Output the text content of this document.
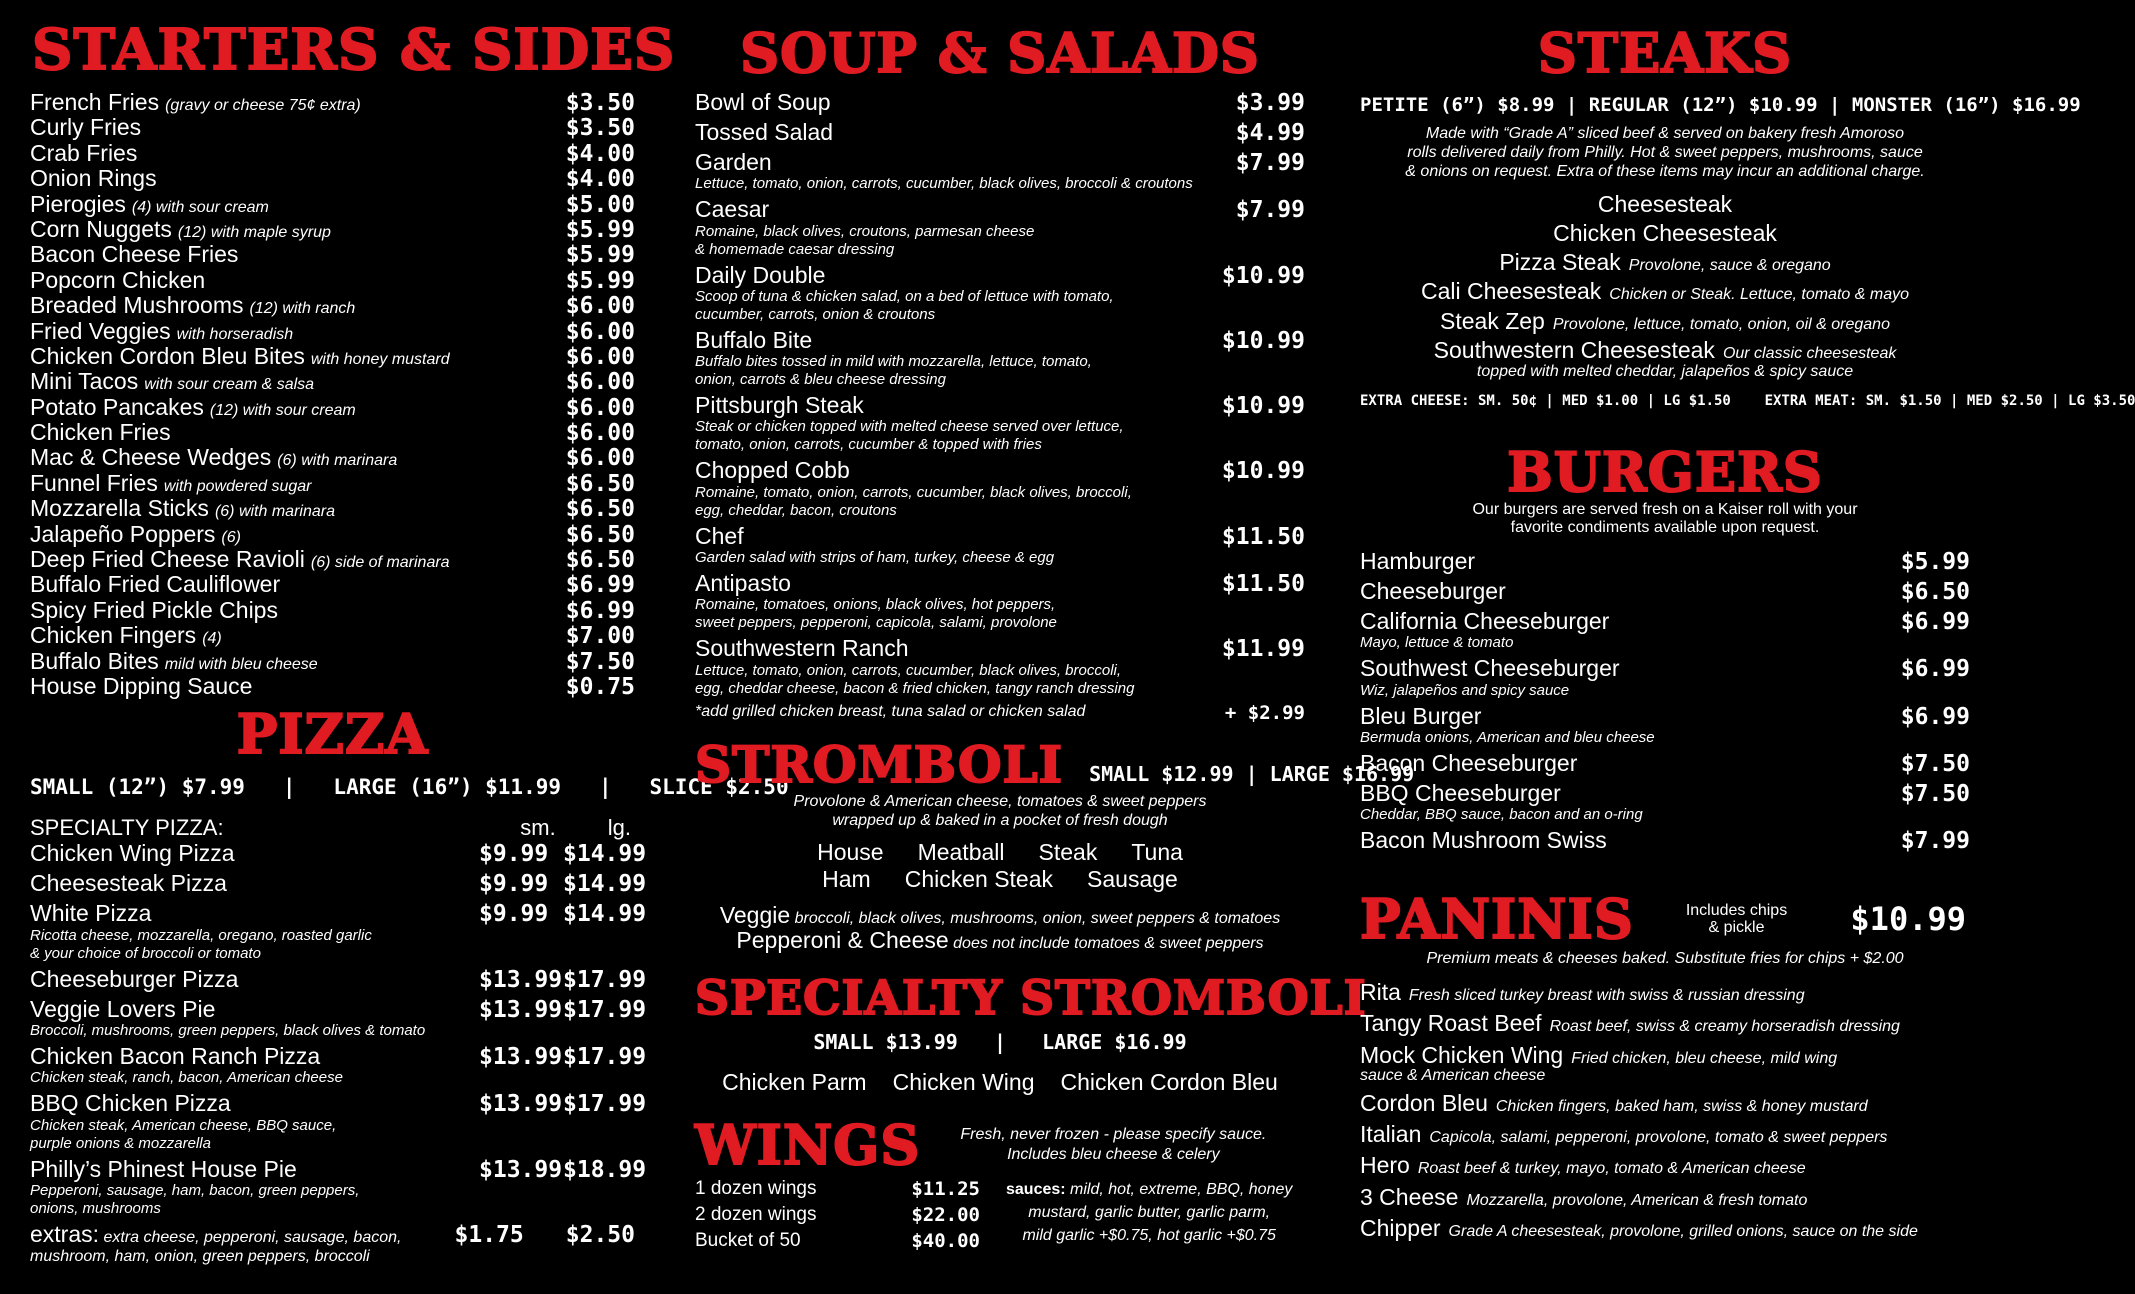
STARTERS & SIDES
French Fries (gravy or cheese 75¢ extra)	$3.50
Curly Fries	$3.50
Crab Fries	$4.00
Onion Rings	$4.00
Pierogies (4) with sour cream	$5.00
Corn Nuggets (12) with maple syrup	$5.99
Bacon Cheese Fries	$5.99
Popcorn Chicken	$5.99
Breaded Mushrooms (12) with ranch	$6.00
Fried Veggies with horseradish	$6.00
Chicken Cordon Bleu Bites with honey mustard	$6.00
Mini Tacos with sour cream & salsa	$6.00
Potato Pancakes (12) with sour cream	$6.00
Chicken Fries	$6.00
Mac & Cheese Wedges (6) with marinara	$6.00
Funnel Fries with powdered sugar	$6.50
Mozzarella Sticks (6) with marinara	$6.50
Jalapeño Poppers (6)	$6.50
Deep Fried Cheese Ravioli (6) side of marinara	$6.50
Buffalo Fried Cauliflower	$6.99
Spicy Fried Pickle Chips	$6.99
Chicken Fingers (4)	$7.00
Buffalo Bites mild with bleu cheese	$7.50
House Dipping Sauce	$0.75
PIZZA
SMALL (12”) $7.99   |   LARGE (16”) $11.99   |   SLICE $2.50
SPECIALTY PIZZA:	sm. lg.
Chicken Wing Pizza	$9.99 $14.99
Cheesesteak Pizza	$9.99 $14.99
White Pizza
Ricotta cheese, mozzarella, oregano, roasted garlic
& your choice of broccoli or tomato
$9.99 $14.99
Cheeseburger Pizza	$13.99 $17.99
Veggie Lovers Pie
Broccoli, mushrooms, green peppers, black olives & tomato
$13.99 $17.99
Chicken Bacon Ranch Pizza
Chicken steak, ranch, bacon, American cheese
$13.99 $17.99
BBQ Chicken Pizza
Chicken steak, American cheese, BBQ sauce,
purple onions & mozzarella
$13.99 $17.99
Philly’s Phinest House Pie
Pepperoni, sausage, ham, bacon, green peppers,
onions, mushrooms
$13.99 $18.99
extras: extra cheese, pepperoni, sausage, bacon,
mushroom, ham, onion, green peppers, broccoli
$1.75 $2.50
SOUP & SALADS
Bowl of Soup	$3.99
Tossed Salad	$4.99
Garden
Lettuce, tomato, onion, carrots, cucumber, black olives, broccoli & croutons
$7.99
Caesar
Romaine, black olives, croutons, parmesan cheese
& homemade caesar dressing
$7.99
Daily Double
Scoop of tuna & chicken salad, on a bed of lettuce with tomato,
cucumber, carrots, onion & croutons
$10.99
Buffalo Bite
Buffalo bites tossed in mild with mozzarella, lettuce, tomato,
onion, carrots & bleu cheese dressing
$10.99
Pittsburgh Steak
Steak or chicken topped with melted cheese served over lettuce,
tomato, onion, carrots, cucumber & topped with fries
$10.99
Chopped Cobb
Romaine, tomato, onion, carrots, cucumber, black olives, broccoli,
egg, cheddar, bacon, croutons
$10.99
Chef
Garden salad with strips of ham, turkey, cheese & egg
$11.50
Antipasto
Romaine, tomatoes, onions, black olives, hot peppers,
sweet peppers, pepperoni, capicola, salami, provolone
$11.50
Southwestern Ranch
Lettuce, tomato, onion, carrots, cucumber, black olives, broccoli,
egg, cheddar cheese, bacon & fried chicken, tangy ranch dressing
$11.99
*add grilled chicken breast, tuna salad or chicken salad	+ $2.99
STROMBOLI SMALL $12.99 | LARGE $16.99
Provolone & American cheese, tomatoes & sweet peppers
wrapped up & baked in a pocket of fresh dough
House Meatball Steak Tuna
Ham Chicken Steak Sausage
Veggie broccoli, black olives, mushrooms, onion, sweet peppers & tomatoes
Pepperoni & Cheese does not include tomatoes & sweet peppers
SPECIALTY STROMBOLI
SMALL $13.99   |   LARGE $16.99
Chicken Parm Chicken Wing Chicken Cordon Bleu
WINGS	Fresh, never frozen - please specify sauce.
Includes bleu cheese & celery
1 dozen wings	$11.25
2 dozen wings	$22.00
Bucket of 50	$40.00
sauces: mild, hot, extreme, BBQ, honey
mustard, garlic butter, garlic parm,
mild garlic +$0.75, hot garlic +$0.75
STEAKS
PETITE (6”) $8.99 | REGULAR (12”) $10.99 | MONSTER (16”) $16.99
Made with “Grade A” sliced beef & served on bakery fresh Amoroso
rolls delivered daily from Philly. Hot & sweet peppers, mushrooms, sauce
& onions on request. Extra of these items may incur an additional charge.
Cheesesteak
Chicken Cheesesteak
Pizza Steak Provolone, sauce & oregano
Cali Cheesesteak Chicken or Steak. Lettuce, tomato & mayo
Steak Zep Provolone, lettuce, tomato, onion, oil & oregano
Southwestern Cheesesteak Our classic cheesesteak
topped with melted cheddar, jalapeños & spicy sauce
EXTRA CHEESE: SM. 50¢ | MED $1.00 | LG $1.50    EXTRA MEAT: SM. $1.50 | MED $2.50 | LG $3.50
BURGERS
Our burgers are served fresh on a Kaiser roll with your
favorite condiments available upon request.
Hamburger	$5.99
Cheeseburger	$6.50
California Cheeseburger
Mayo, lettuce & tomato
$6.99
Southwest Cheeseburger
Wiz, jalapeños and spicy sauce
$6.99
Bleu Burger
Bermuda onions, American and bleu cheese
$6.99
Bacon Cheeseburger	$7.50
BBQ Cheeseburger
Cheddar, BBQ sauce, bacon and an o-ring
$7.50
Bacon Mushroom Swiss	$7.99
PANINIS	Includes chips
& pickle	$10.99
Premium meats & cheeses baked. Substitute fries for chips + $2.00
Rita Fresh sliced turkey breast with swiss & russian dressing
Tangy Roast Beef Roast beef, swiss & creamy horseradish dressing
Mock Chicken Wing Fried chicken, bleu cheese, mild wing
sauce & American cheese
Cordon Bleu Chicken fingers, baked ham, swiss & honey mustard
Italian Capicola, salami, pepperoni, provolone, tomato & sweet peppers
Hero Roast beef & turkey, mayo, tomato & American cheese
3 Cheese Mozzarella, provolone, American & fresh tomato
Chipper Grade A cheesesteak, provolone, grilled onions, sauce on the side
